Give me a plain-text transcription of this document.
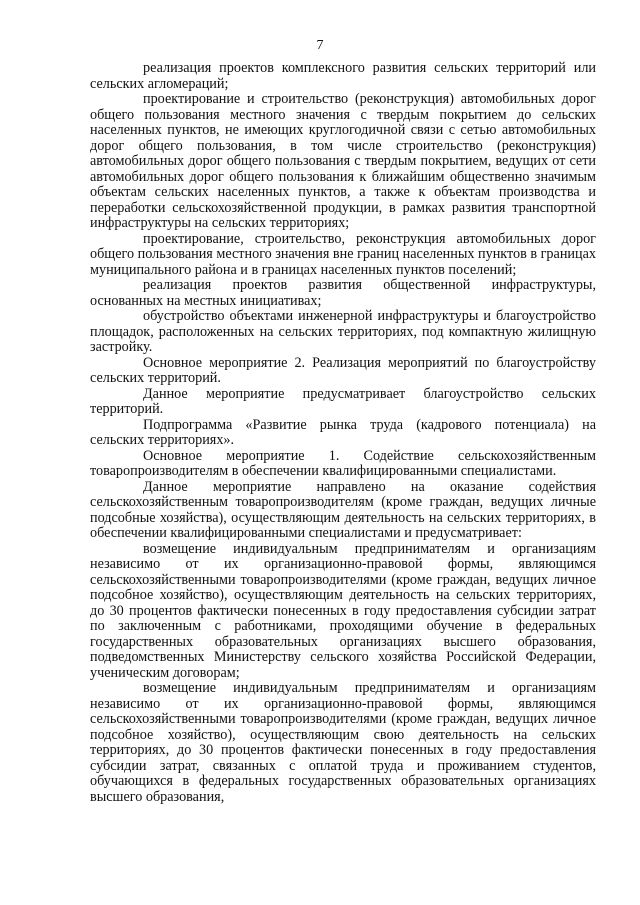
7

реализация проектов комплексного развития сельских территорий или сельских агломераций;

проектирование и строительство (реконструкция) автомобильных дорог общего пользования местного значения с твердым покрытием до сельских населенных пунктов, не имеющих круглогодичной связи с сетью автомобильных дорог общего пользования, в том числе строительство (реконструкция) автомобильных дорог общего пользования с твердым покрытием, ведущих от сети автомобильных дорог общего пользования к ближайшим общественно значимым объектам сельских населенных пунктов, а также к объектам производства и переработки сельскохозяйственной продукции, в рамках развития транспортной инфраструктуры на сельских территориях;

проектирование, строительство, реконструкция автомобильных дорог общего пользования местного значения вне границ населенных пунктов в границах муниципального района и в границах населенных пунктов поселений;

реализация проектов развития общественной инфраструктуры, основанных на местных инициативах;

обустройство объектами инженерной инфраструктуры и благоустройство площадок, расположенных на сельских территориях, под компактную жилищную застройку.

Основное мероприятие 2. Реализация мероприятий по благоустройству сельских территорий.

Данное мероприятие предусматривает благоустройство сельских территорий.

Подпрограмма «Развитие рынка труда (кадрового потенциала) на сельских территориях».

Основное мероприятие 1. Содействие сельскохозяйственным товаропроизводителям в обеспечении квалифицированными специалистами.

Данное мероприятие направлено на оказание содействия сельскохозяйственным товаропроизводителям (кроме граждан, ведущих личные подсобные хозяйства), осуществляющим деятельность на сельских территориях, в обеспечении квалифицированными специалистами и предусматривает:

возмещение индивидуальным предпринимателям и организациям независимо от их организационно-правовой формы, являющимся сельскохозяйственными товаропроизводителями (кроме граждан, ведущих личное подсобное хозяйство), осуществляющим деятельность на сельских территориях, до 30 процентов фактически понесенных в году предоставления субсидии затрат по заключенным с работниками, проходящими обучение в федеральных государственных образовательных организациях высшего образования, подведомственных Министерству сельского хозяйства Российской Федерации, ученическим договорам;

возмещение индивидуальным предпринимателям и организациям независимо от их организационно-правовой формы, являющимся сельскохозяйственными товаропроизводителями (кроме граждан, ведущих личное подсобное хозяйство), осуществляющим свою деятельность на сельских территориях, до 30 процентов фактически понесенных в году предоставления субсидии затрат, связанных с оплатой труда и проживанием студентов, обучающихся в федеральных государственных образовательных организациях высшего образования,
